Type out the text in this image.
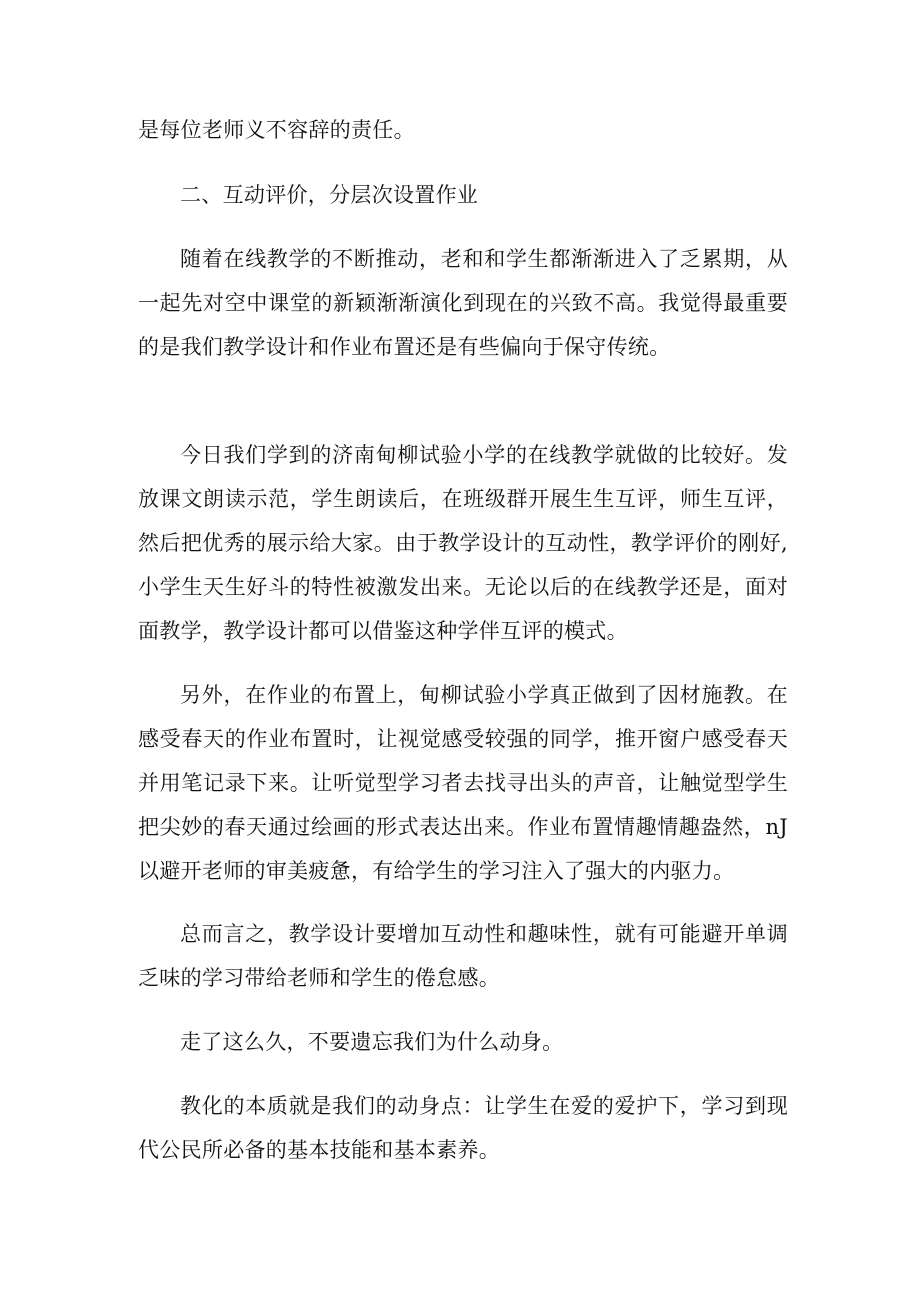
是每位老师义不容辞的责任。

二、互动评价，分层次设置作业

随着在线教学的不断推动，老和和学生都渐渐进入了乏累期，从一起先对空中课堂的新颖渐渐演化到现在的兴致不高。我觉得最重要的是我们教学设计和作业布置还是有些偏向于保守传统。

今日我们学到的济南甸柳试验小学的在线教学就做的比较好。发放课文朗读示范，学生朗读后，在班级群开展生生互评，师生互评，然后把优秀的展示给大家。由于教学设计的互动性，教学评价的刚好,小学生天生好斗的特性被激发出来。无论以后的在线教学还是，面对面教学，教学设计都可以借鉴这种学伴互评的模式。

另外，在作业的布置上，甸柳试验小学真正做到了因材施教。在感受春天的作业布置时，让视觉感受较强的同学，推开窗户感受春天并用笔记录下来。让听觉型学习者去找寻出头的声音，让触觉型学生把尖妙的春天通过绘画的形式表达出来。作业布置情趣情趣盎然，nJ以避开老师的审美疲惫，有给学生的学习注入了强大的内驱力。

总而言之，教学设计要增加互动性和趣味性，就有可能避开单调乏味的学习带给老师和学生的倦怠感。

走了这么久，不要遗忘我们为什么动身。

教化的本质就是我们的动身点：让学生在爱的爱护下，学习到现代公民所必备的基本技能和基本素养。
